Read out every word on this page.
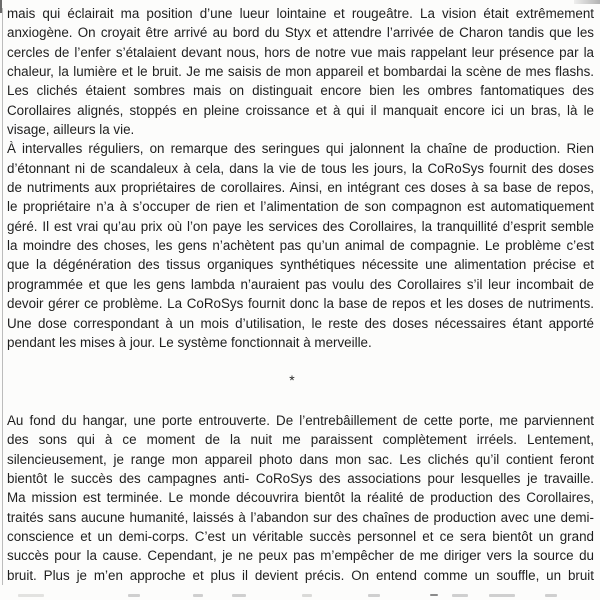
mais qui éclairait ma position d’une lueur lointaine et rougeâtre. La vision était extrêmement
anxiogène. On croyait être arrivé au bord du Styx et attendre l’arrivée de Charon tandis que les
cercles de l’enfer s’étalaient devant nous, hors de notre vue mais rappelant leur présence par la
chaleur, la lumière et le bruit. Je me saisis de mon appareil et bombardai la scène de mes flashs.
Les clichés étaient sombres mais on distinguait encore bien les ombres fantomatiques des
Corollaires alignés, stoppés en pleine croissance et à qui il manquait encore ici un bras, là le
visage, ailleurs la vie.
À intervalles réguliers, on remarque des seringues qui jalonnent la chaîne de production. Rien
d’étonnant ni de scandaleux à cela, dans la vie de tous les jours, la CoRoSys fournit des doses
de nutriments aux propriétaires de corollaires. Ainsi, en intégrant ces doses à sa base de repos,
le propriétaire n’a à s’occuper de rien et l’alimentation de son compagnon est automatiquement
géré. Il est vrai qu’au prix où l’on paye les services des Corollaires, la tranquillité d’esprit semble
la moindre des choses, les gens n’achètent pas qu’un animal de compagnie. Le problème c’est
que la dégénération des tissus organiques synthétiques nécessite une alimentation précise et
programmée et que les gens lambda n’auraient pas voulu des Corollaires s’il leur incombait de
devoir gérer ce problème. La CoRoSys fournit donc la base de repos et les doses de nutriments.
Une dose correspondant à un mois d’utilisation, le reste des doses nécessaires étant apporté
pendant les mises à jour. Le système fonctionnait à merveille.
*
Au fond du hangar, une porte entrouverte. De l’entrebâillement de cette porte, me parviennent
des sons qui à ce moment de la nuit me paraissent complètement irréels. Lentement,
silencieusement, je range mon appareil photo dans mon sac. Les clichés qu’il contient feront
bientôt le succès des campagnes anti- CoRoSys des associations pour lesquelles je travaille.
Ma mission est terminée. Le monde découvrira bientôt la réalité de production des Corollaires,
traités sans aucune humanité, laissés à l’abandon sur des chaînes de production avec une demi-
conscience et un demi-corps. C’est un véritable succès personnel et ce sera bientôt un grand
succès pour la cause. Cependant, je ne peux pas m’empêcher de me diriger vers la source du
bruit. Plus je m’en approche et plus il devient précis. On entend comme un souffle, un bruit
